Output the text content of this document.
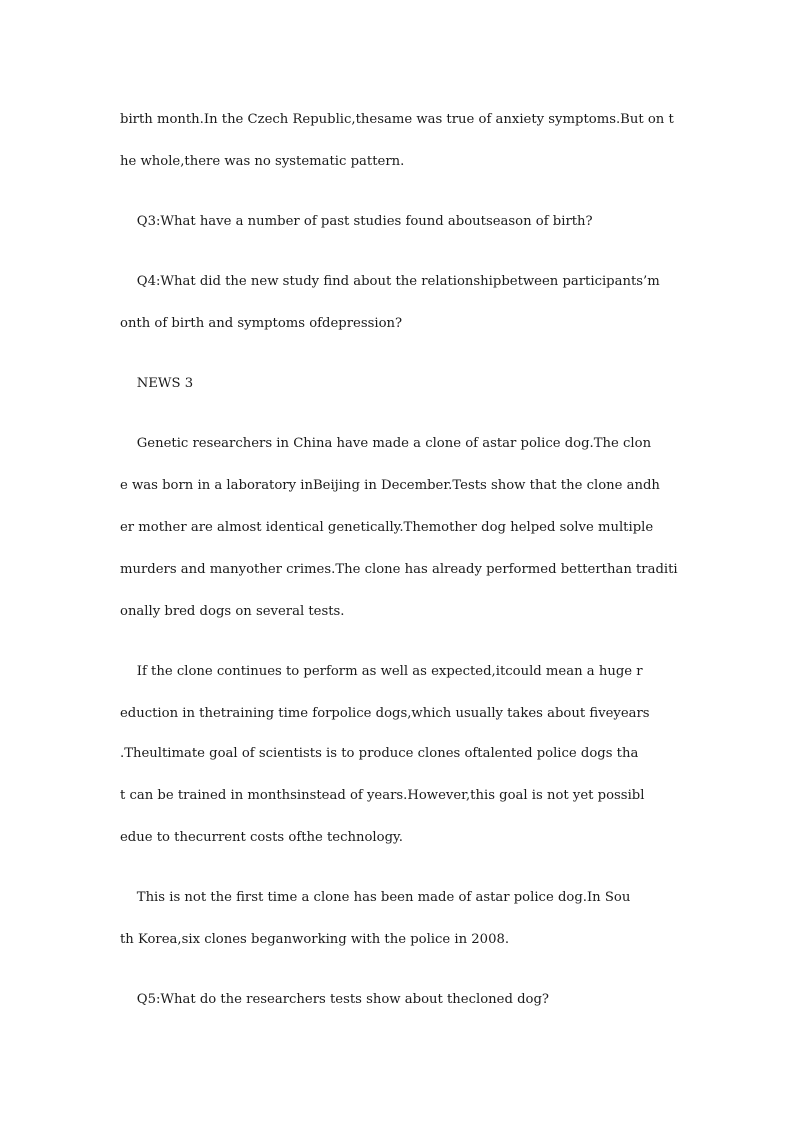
birth month.In the Czech Republic,thesame was true of anxiety symptoms.But on t
he whole,there was no systematic pattern.
Q3:What have a number of past studies found aboutseason of birth?
Q4:What did the new study find about the relationshipbetween participants’m
onth of birth and symptoms ofdepression?
NEWS 3
Genetic researchers in China have made a clone of astar police dog.The clon
e was born in a laboratory inBeijing in December.Tests show that the clone andh
er mother are almost identical genetically.Themother dog helped solve multiple
murders and manyother crimes.The clone has already performed betterthan traditi
onally bred dogs on several tests.
If the clone continues to perform as well as expected,itcould mean a huge r
eduction in thetraining time forpolice dogs,which usually takes about fiveyears
.Theultimate goal of scientists is to produce clones oftalented police dogs tha
t can be trained in monthsinstead of years.However,this goal is not yet possibl
edue to thecurrent costs ofthe technology.
This is not the first time a clone has been made of astar police dog.In Sou
th Korea,six clones beganworking with the police in 2008.
Q5:What do the researchers tests show about thecloned dog?
